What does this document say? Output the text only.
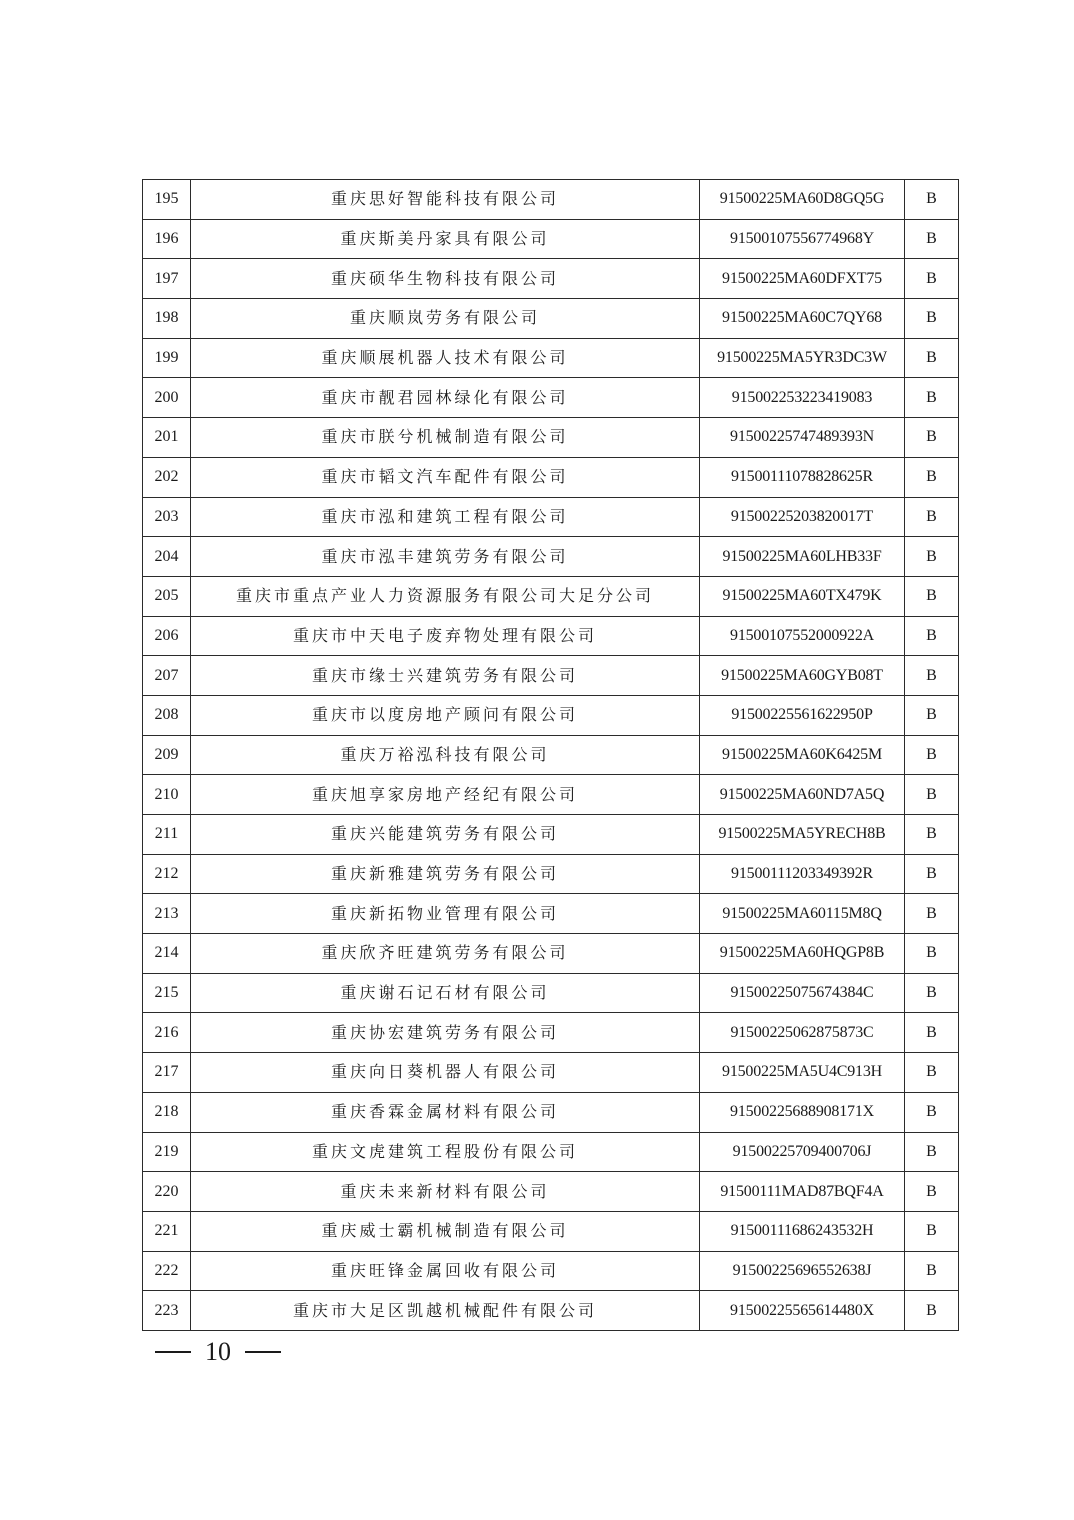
195	重庆思好智能科技有限公司	91500225MA60D8GQ5G	B
196	重庆斯美丹家具有限公司	91500107556774968Y	B
197	重庆硕华生物科技有限公司	91500225MA60DFXT75	B
198	重庆顺岚劳务有限公司	91500225MA60C7QY68	B
199	重庆顺展机器人技术有限公司	91500225MA5YR3DC3W	B
200	重庆市靓君园林绿化有限公司	915002253223419083	B
201	重庆市朕兮机械制造有限公司	91500225747489393N	B
202	重庆市韬文汽车配件有限公司	91500111078828625R	B
203	重庆市泓和建筑工程有限公司	91500225203820017T	B
204	重庆市泓丰建筑劳务有限公司	91500225MA60LHB33F	B
205	重庆市重点产业人力资源服务有限公司大足分公司	91500225MA60TX479K	B
206	重庆市中天电子废弃物处理有限公司	91500107552000922A	B
207	重庆市缘士兴建筑劳务有限公司	91500225MA60GYB08T	B
208	重庆市以度房地产顾问有限公司	91500225561622950P	B
209	重庆万裕泓科技有限公司	91500225MA60K6425M	B
210	重庆旭享家房地产经纪有限公司	91500225MA60ND7A5Q	B
211	重庆兴能建筑劳务有限公司	91500225MA5YRECH8B	B
212	重庆新雅建筑劳务有限公司	91500111203349392R	B
213	重庆新拓物业管理有限公司	91500225MA60115M8Q	B
214	重庆欣齐旺建筑劳务有限公司	91500225MA60HQGP8B	B
215	重庆谢石记石材有限公司	91500225075674384C	B
216	重庆协宏建筑劳务有限公司	91500225062875873C	B
217	重庆向日葵机器人有限公司	91500225MA5U4C913H	B
218	重庆香霖金属材料有限公司	91500225688908171X	B
219	重庆文虎建筑工程股份有限公司	91500225709400706J	B
220	重庆未来新材料有限公司	91500111MAD87BQF4A	B
221	重庆威士霸机械制造有限公司	91500111686243532H	B
222	重庆旺锋金属回收有限公司	91500225696552638J	B
223	重庆市大足区凯越机械配件有限公司	91500225565614480X	B
10
